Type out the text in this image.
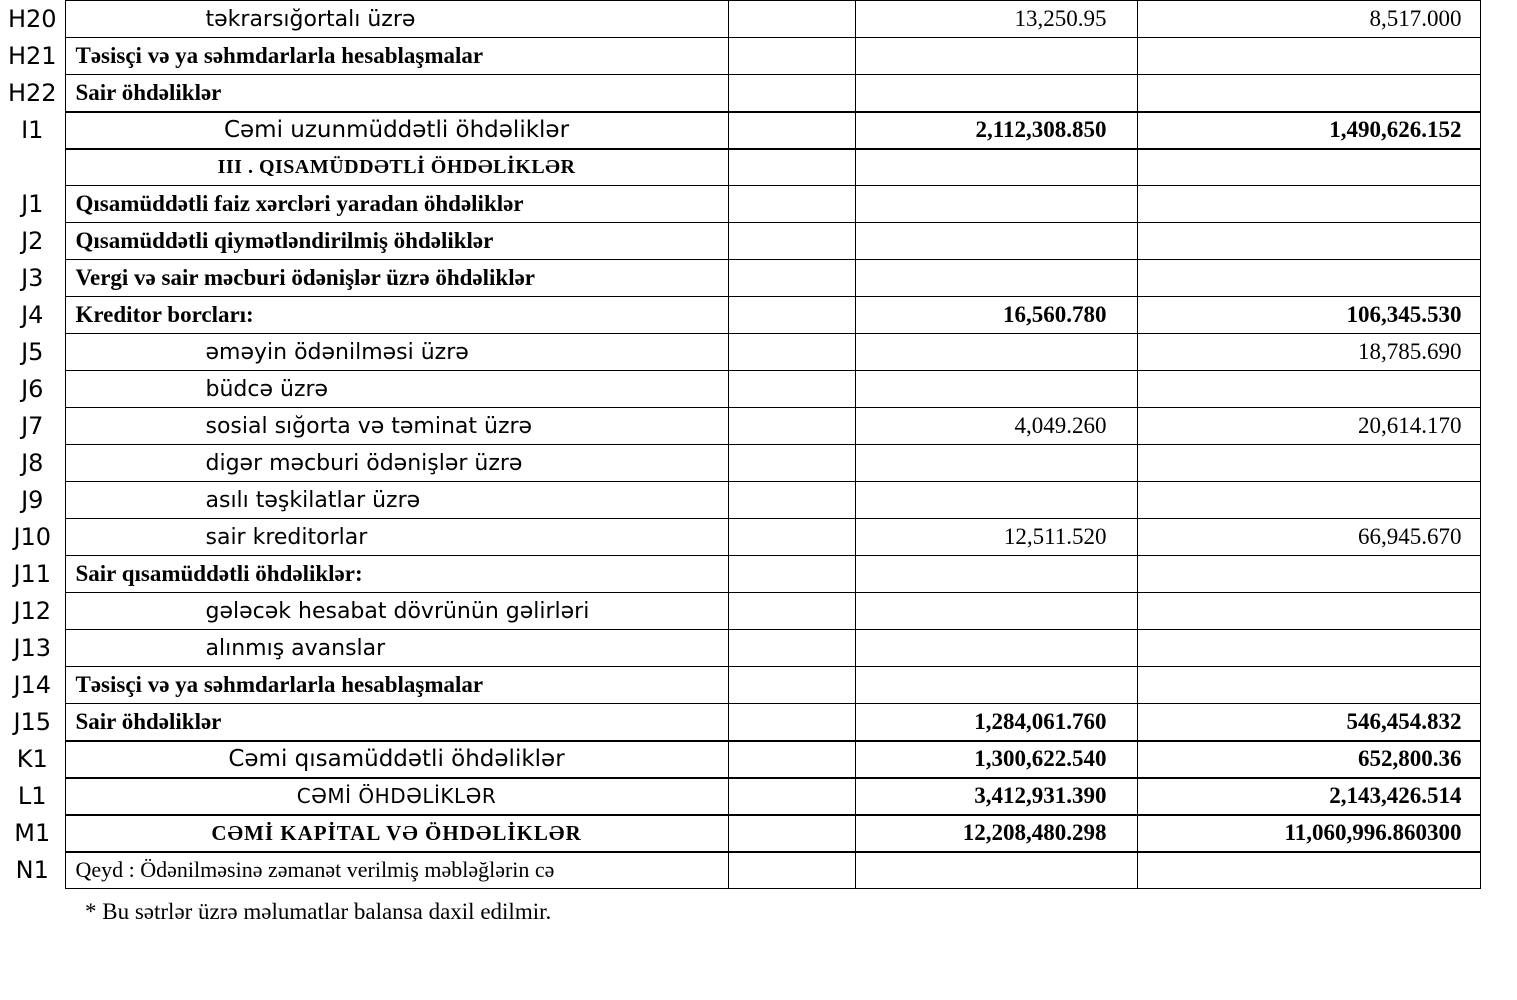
H20	təkrarsığortalı üzrə		13,250.95	8,517.000
H21	Təsisçi və ya səhmdarlarla hesablaşmalar			
H22	Sair öhdəliklər			
I1	Cəmi uzunmüddətli öhdəliklər		2,112,308.850	1,490,626.152
	III . QISAMÜDDƏTLİ ÖHDƏLİKLƏR			
J1	Qısamüddətli faiz xərcləri yaradan öhdəliklər			
J2	Qısamüddətli qiymətləndirilmiş öhdəliklər			
J3	Vergi və sair məcburi ödənişlər üzrə öhdəliklər			
J4	Kreditor borcları:		16,560.780	106,345.530
J5	əməyin ödənilməsi üzrə			18,785.690
J6	büdcə üzrə			
J7	sosial sığorta və təminat üzrə		4,049.260	20,614.170
J8	digər məcburi ödənişlər üzrə			
J9	asılı təşkilatlar üzrə			
J10	sair kreditorlar		12,511.520	66,945.670
J11	Sair qısamüddətli öhdəliklər:			
J12	gələcək hesabat dövrünün gəlirləri			
J13	alınmış avanslar			
J14	Təsisçi və ya səhmdarlarla hesablaşmalar			
J15	Sair öhdəliklər		1,284,061.760	546,454.832
K1	Cəmi qısamüddətli öhdəliklər		1,300,622.540	652,800.36
L1	CƏMİ ÖHDƏLİKLƏR		3,412,931.390	2,143,426.514
M1	CƏMİ KAPİTAL VƏ ÖHDƏLİKLƏR		12,208,480.298	11,060,996.860300
N1	Qeyd : Ödənilməsinə zəmanət verilmiş məbləğlərin cə			
* Bu sətrlər üzrə məlumatlar balansa daxil edilmir.
